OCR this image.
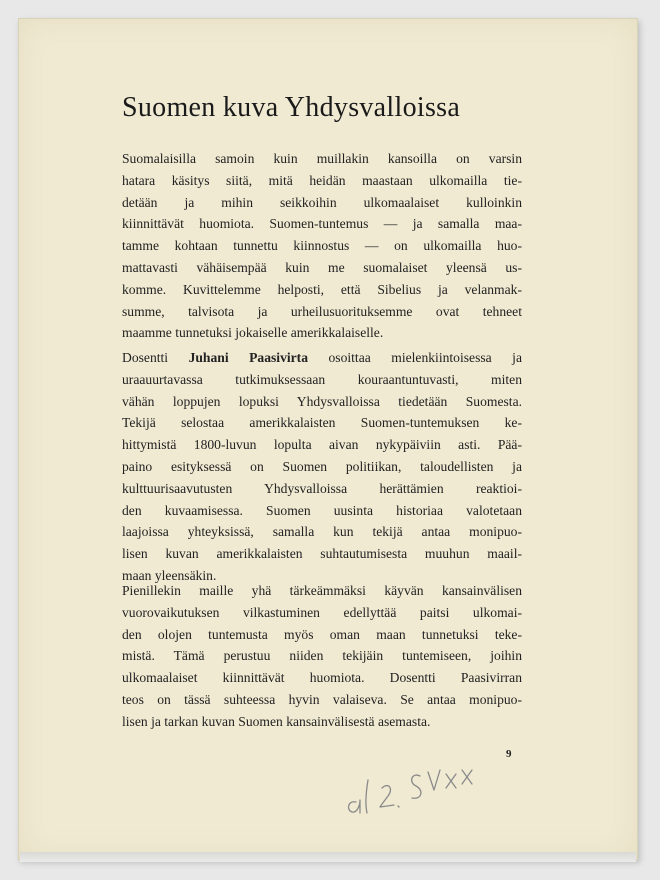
Suomen kuva Yhdysvalloissa
Suomalaisilla samoin kuin muillakin kansoilla on varsin
hatara käsitys siitä, mitä heidän maastaan ulkomailla tie-
detään ja mihin seikkoihin ulkomaalaiset kulloinkin
kiinnittävät huomiota. Suomen-tuntemus — ja samalla maa-
tamme kohtaan tunnettu kiinnostus — on ulkomailla huo-
mattavasti vähäisempää kuin me suomalaiset yleensä us-
komme. Kuvittelemme helposti, että Sibelius ja velanmak-
summe, talvisota ja urheilusuorituksemme ovat tehneet
maamme tunnetuksi jokaiselle amerikkalaiselle.
Dosentti Juhani Paasivirta osoittaa mielenkiintoisessa ja
uraauurtavassa tutkimuksessaan kouraantuntuvasti, miten
vähän loppujen lopuksi Yhdysvalloissa tiedetään Suomesta.
Tekijä selostaa amerikkalaisten Suomen-tuntemuksen ke-
hittymistä 1800-luvun lopulta aivan nykypäiviin asti. Pää-
paino esityksessä on Suomen politiikan, taloudellisten ja
kulttuurisaavutusten Yhdysvalloissa herättämien reaktioi-
den kuvaamisessa. Suomen uusinta historiaa valotetaan
laajoissa yhteyksissä, samalla kun tekijä antaa monipuo-
lisen kuvan amerikkalaisten suhtautumisesta muuhun maail-
maan yleensäkin.
Pienillekin maille yhä tärkeämmäksi käyvän kansainvälisen
vuorovaikutuksen vilkastuminen edellyttää paitsi ulkomai-
den olojen tuntemusta myös oman maan tunnetuksi teke-
mistä. Tämä perustuu niiden tekijäin tuntemiseen, joihin
ulkomaalaiset kiinnittävät huomiota. Dosentti Paasivirran
teos on tässä suhteessa hyvin valaiseva. Se antaa monipuo-
lisen ja tarkan kuvan Suomen kansainvälisestä asemasta.
9
